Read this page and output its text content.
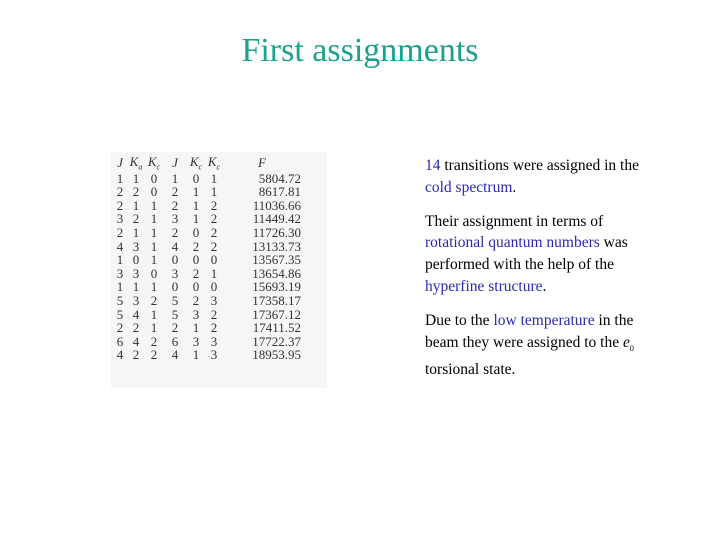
First assignments
J	$K_a$	$K_c$	J	$K_c$	$K_c$	F
1	1	0	1	0	1	5804.72
2	2	0	2	1	1	8617.81
2	1	1	2	1	2	11036.66
3	2	1	3	1	2	11449.42
2	1	1	2	0	2	11726.30
4	3	1	4	2	2	13133.73
1	0	1	0	0	0	13567.35
3	3	0	3	2	1	13654.86
1	1	1	0	0	0	15693.19
5	3	2	5	2	3	17358.17
5	4	1	5	3	2	17367.12
2	2	1	2	1	2	17411.52
6	4	2	6	3	3	17722.37
4	2	2	4	1	3	18953.95

14 transitions were assigned in the cold spectrum.

Their assignment in terms of rotational quantum numbers was performed with the help of the hyperfine structure.

Due to the low temperature in the beam they were assigned to the $e_0$ torsional state.
